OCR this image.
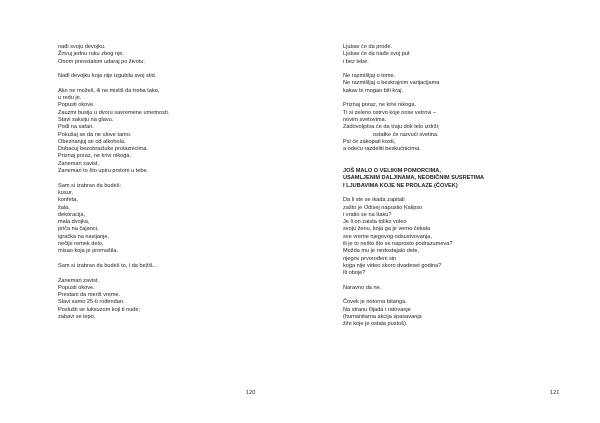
nađi svoju devojku.
Žrtvuj jednu ruku zbog nje.
Onom preostalom udaraj po životu.
Nađi devojku koja nije izgubila svoj stid.
Ako ne možeš, ili ne misliš da treba tako,
u redu je.
Popusti okove.
Zauzmi busiju u dvoru savremene umetnosti.
Stavi saksiju na glavu.
Pođi na safari.
Pokušaj se da ne ulove tamo.
Obeznanjuj se od alkohola.
Dobacuj bezobrazluke prolaznicima.
Priznaj poraz, ne krivi nikoga.
Zanemari zavist.
Zanemari to što upiru prstom u tebe.
Sam si izabrao da budeš:
kusur,
konfeta,
šala,
dekoracija,
mala dvojka,
priča na čajanci,
igračka na navijanje,
nečije remek delo,
misao koja je promašila.
Sam si izabrao da budeš to, i da bežiš...
Zanemari zavist.
Popusti okove.
Prestani da meriš vreme.
Slavi samo 25-ti rođendan.
Poslušti se luksuzom koji ti nude;
zabavi se lepo.
120
Ljubav će da prođe.
Ljubav će da nađe svoj put
i bez tebe.
Ne razmišljaj o tome.
Ne razmišljaj u beskrajnim varijacijama
kakav bi mogao biti kraj.
Priznaj poraz, ne krivi nikoga.
Ti si zeleno ostrvo koje nose vetrovi –
novim svetovima.
Zadovoljstva će da traju dok telo izdrži;
ostatke će razvući svetina.
Psi će zakopati kosti,
a odeću razdeliti beskućnicima.
JOŠ MALO O VELIKIM POMORCIMA,
USAMLJENIM DALJINAMA, NEOBIČNIM SUSRETIMA
I LJUBAVIMA KOJE NE PROLAZE (ČOVEK)
Da li ste se ikada zapitali
zašto je Odisej napustio Kalipso
i vratio se na Itaku?
Je li on zaista toliko voleo
svoju ženu, koja ga je verno čekala
sve vreme njegovog odsustvovanja,
ili je to nešto što se naprosto podrazumeva?
Možda mu je nedostajalo dete,
njegov prvorođeni sin
koga nije video skoro dvadeset godina?
Ili oboje?
Naravno da ne.
Čovek je notorna bitanga.
Na stranu Ilijada i ratovanje
(humanitarna akcija spasavanja
žže koje je ostala pustoš).
121
